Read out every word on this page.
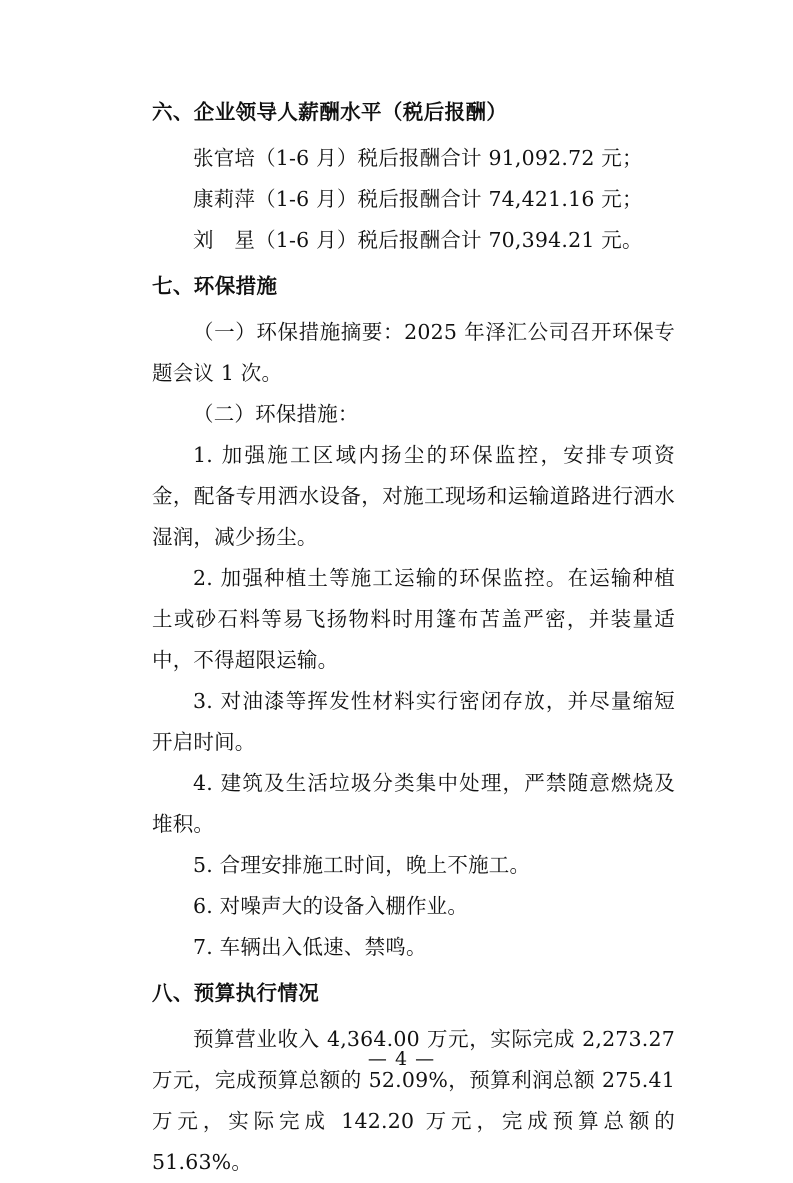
六、企业领导人薪酬水平（税后报酬）

张官培（1-6 月）税后报酬合计 91,092.72 元；

康莉萍（1-6 月）税后报酬合计 74,421.16 元；

刘　星（1-6 月）税后报酬合计 70,394.21 元。

七、环保措施

（一）环保措施摘要：2025 年泽汇公司召开环保专题会议 1 次。

（二）环保措施：

1. 加强施工区域内扬尘的环保监控，安排专项资金，配备专用洒水设备，对施工现场和运输道路进行洒水湿润，减少扬尘。

2. 加强种植土等施工运输的环保监控。在运输种植土或砂石料等易飞扬物料时用篷布苫盖严密，并装量适中，不得超限运输。

3. 对油漆等挥发性材料实行密闭存放，并尽量缩短开启时间。

4. 建筑及生活垃圾分类集中处理，严禁随意燃烧及堆积。

5. 合理安排施工时间，晚上不施工。

6. 对噪声大的设备入棚作业。

7. 车辆出入低速、禁鸣。

八、预算执行情况

预算营业收入 4,364.00 万元，实际完成 2,273.27 万元，完成预算总额的 52.09%，预算利润总额 275.41 万元，实际完成 142.20 万元，完成预算总额的 51.63%。

— 4 —
